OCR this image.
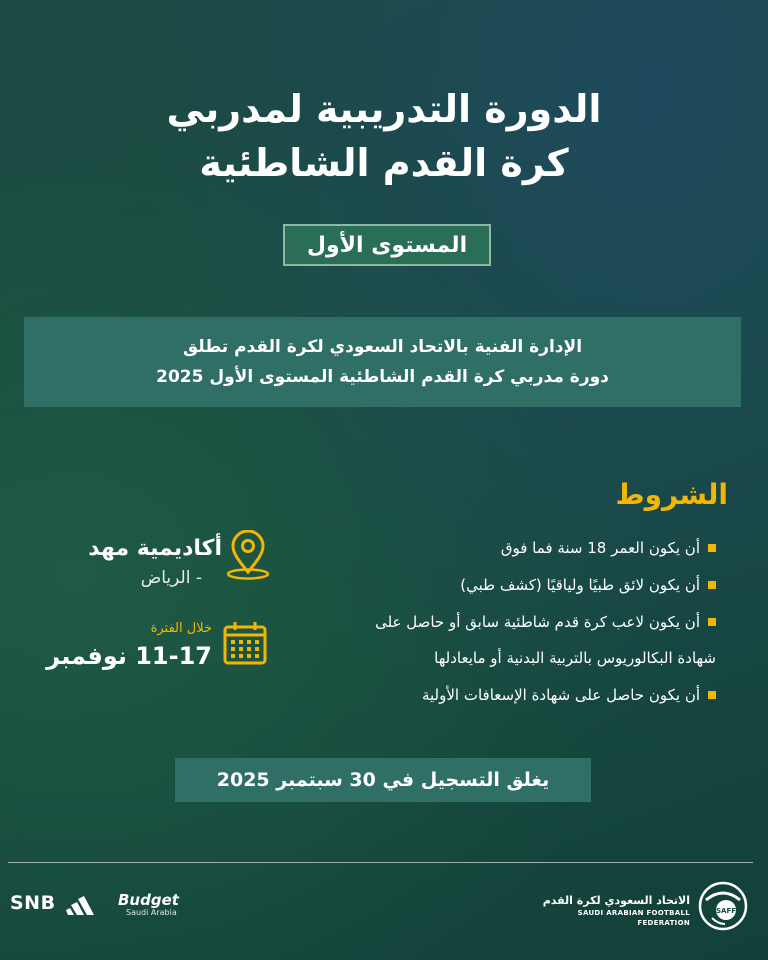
الدورة التدريبية لمدربي
كرة القدم الشاطئية
المستوى الأول
الإدارة الفنية بالاتحاد السعودي لكرة القدم تطلق
دورة مدربي كرة القدم الشاطئية المستوى الأول 2025
الشروط
أن يكون العمر 18 سنة فما فوق
أن يكون لائق طبيًا ولياقيًا (كشف طبي)
أن يكون لاعب كرة قدم شاطئية سابق أو حاصل على
شهادة البكالوريوس بالتربية البدنية أو مايعادلها
أن يكون حاصل على شهادة الإسعافات الأولية
أكاديمية مهد
- الرياض
خلال الفترة
11-17 نوفمبر
يغلق التسجيل في 30 سبتمبر 2025
SNB	Budget
Saudi Arabia
الاتحاد السعودي لكرة القدم
SAUDI ARABIAN FOOTBALL FEDERATION
SAFF
